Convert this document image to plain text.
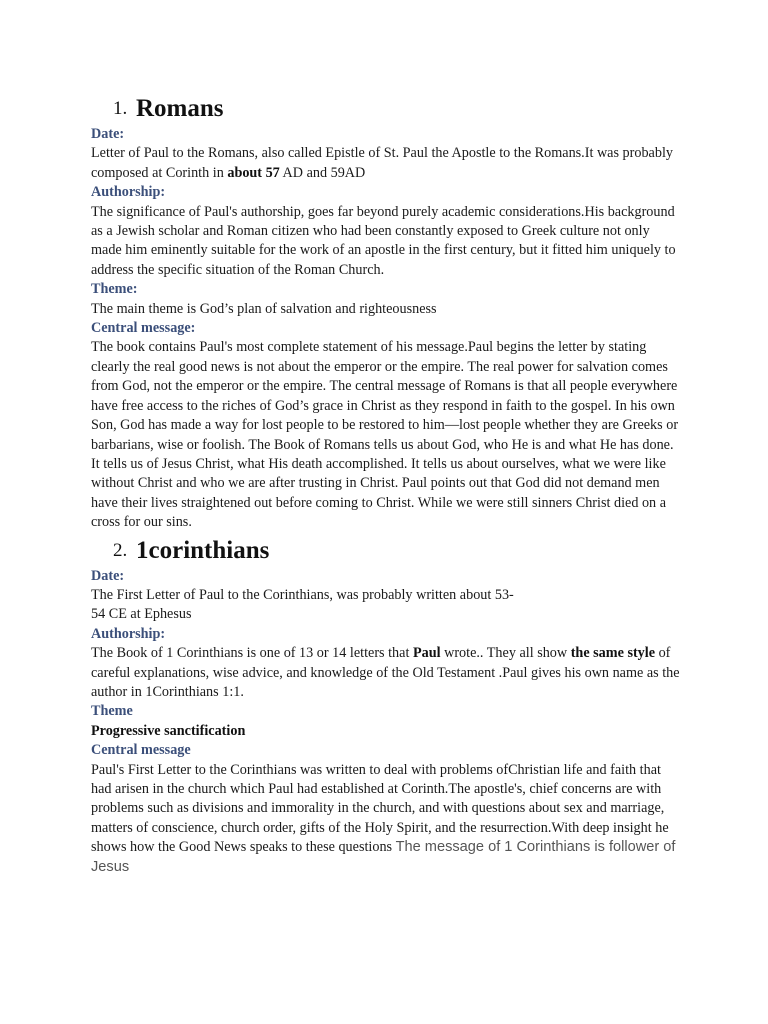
1. Romans

Date:

Letter of Paul to the Romans, also called Epistle of St. Paul the Apostle to the Romans.It was probably composed at Corinth in about 57 AD and 59AD

Authorship:

The significance of Paul's authorship, goes far beyond purely academic considerations.His background as a Jewish scholar and Roman citizen who had been constantly exposed to Greek culture not only made him eminently suitable for the work of an apostle in the first century, but it fitted him uniquely to address the specific situation of the Roman Church.

Theme:

The main theme is God’s plan of salvation and righteousness

Central message:

The book contains Paul's most complete statement of his message.Paul begins the letter by stating clearly the real good news is not about the emperor or the empire. The real power for salvation comes from God, not the emperor or the empire. The central message of Romans is that all people everywhere have free access to the riches of God’s grace in Christ as they respond in faith to the gospel. In his own Son, God has made a way for lost people to be restored to him—lost people whether they are Greeks or barbarians, wise or foolish. The Book of Romans tells us about God, who He is and what He has done. It tells us of Jesus Christ, what His death accomplished. It tells us about ourselves, what we were like without Christ and who we are after trusting in Christ. Paul points out that God did not demand men have their lives straightened out before coming to Christ. While we were still sinners Christ died on a cross for our sins.

2. 1corinthians

Date:

The First Letter of Paul to the Corinthians, was probably written about 53-
54 CE at Ephesus

Authorship:

The Book of 1 Corinthians is one of 13 or 14 letters that Paul wrote.. They all show the same style of careful explanations, wise advice, and knowledge of the Old Testament .Paul gives his own name as the author in 1Corinthians 1:1.

Theme

Progressive sanctification

Central message

Paul's First Letter to the Corinthians was written to deal with problems ofChristian life and faith that had arisen in the church which Paul had established at Corinth.The apostle's, chief concerns are with problems such as divisions and immorality in the church, and with questions about sex and marriage, matters of conscience, church order, gifts of the Holy Spirit, and the resurrection.With deep insight he shows how the Good News speaks to these questions The message of 1 Corinthians is follower of Jesus
